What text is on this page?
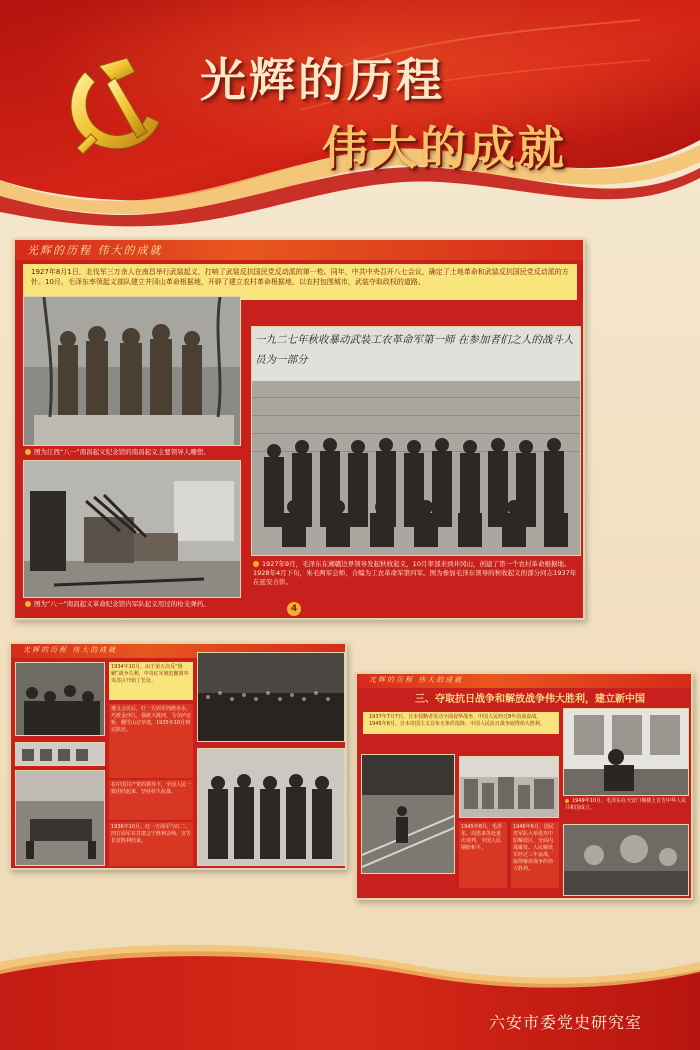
光辉的历程
伟大的成就
光辉的历程 伟大的成就
1927年8月1日，北伐军三万余人在南昌举行武装起义，打响了武装反抗国民党反动派的第一枪。同年，中共中央召开八七会议，确定了土地革命和武装反抗国民党反动派的方针。10月，毛泽东率领起义部队建立井冈山革命根据地，开辟了建立农村革命根据地，以农村包围城市，武装夺取政权的道路。
图为江西“八一”南昌起义纪念馆的南昌起义主要领导人雕塑。
图为“八一”南昌起义革命纪念馆内军队起义用过的枪支弹药。
一九二七年秋收暴动武装工农革命军第一师 在参加者们之人的战斗人员为一部分
1927年9月，毛泽东在湘赣边界领导发起秋收起义，10月率部来到井冈山，创建了第一个农村革命根据地。1928年4月下旬，朱毛两军会师，合编为工农革命军第四军。图为参加毛泽东领导的秋收起义的部分同志1937年在延安合影。
4
光辉的历程 伟大的成就
1934年10月，由于第五次反“围剿”战争失利，中央红军被迫撤离中央苏区开始了长征。
遵义会议后，红一方面军四渡赤水，巧渡金沙江，强渡大渡河，飞夺泸定桥，翻雪山过草地，1935年10月到达陕北。
在中国共产党的领导下，全国人民一致团结起来，坚持持久抗战。
1936年10月，红一方面军与红二、四方面军在甘肃会宁胜利会师，宣告长征胜利结束。
光辉的历程 伟大的成就
三、夺取抗日战争和解放战争伟大胜利，建立新中国
1937年7月7日，日本侵略者发动全面侵华战争，中国人民经过8年浴血奋战，1945年8月，日本帝国主义宣布无条件投降，中国人民抗日战争取得伟大胜利。
1949年10月，毛泽东在天安门城楼上宣告中华人民共和国成立。
1945年8月，毛泽东、周恩来等赴重庆谈判，全国人民期盼和平。
1946年6月，国民党军队大举进攻中原解放区，全面内战爆发。人民解放军经过三年奋战，取得解放战争的伟大胜利。
六安市委党史研究室
